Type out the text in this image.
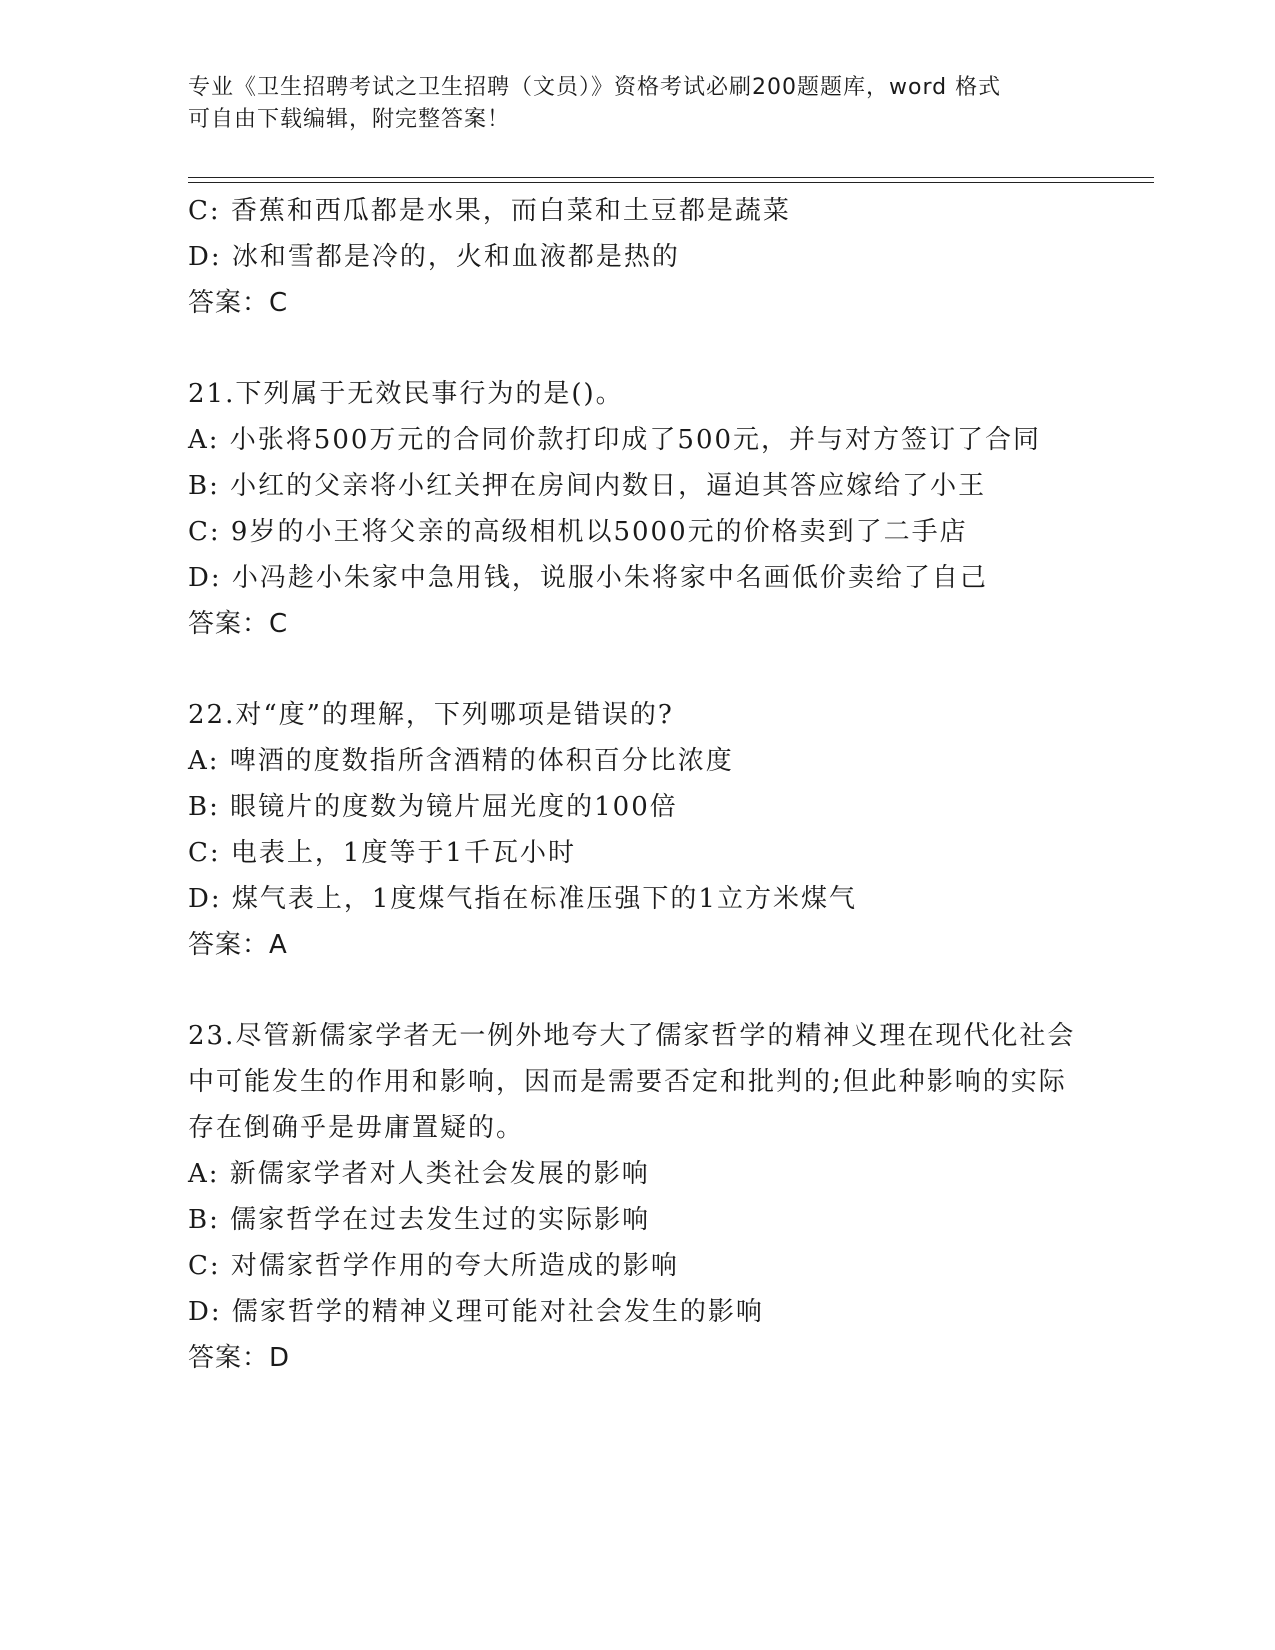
专业《卫生招聘考试之卫生招聘（文员）》资格考试必刷200题题库，word 格式
可自由下载编辑，附完整答案！
C: 香蕉和西瓜都是水果，而白菜和土豆都是蔬菜
D: 冰和雪都是冷的，火和血液都是热的
答案：C
21.下列属于无效民事行为的是()。
A: 小张将500万元的合同价款打印成了500元，并与对方签订了合同
B: 小红的父亲将小红关押在房间内数日，逼迫其答应嫁给了小王
C: 9岁的小王将父亲的高级相机以5000元的价格卖到了二手店
D: 小冯趁小朱家中急用钱，说服小朱将家中名画低价卖给了自己
答案：C
22.对“度”的理解，下列哪项是错误的?
A: 啤酒的度数指所含酒精的体积百分比浓度
B: 眼镜片的度数为镜片屈光度的100倍
C: 电表上，1度等于1千瓦小时
D: 煤气表上，1度煤气指在标准压强下的1立方米煤气
答案：A
23.尽管新儒家学者无一例外地夸大了儒家哲学的精神义理在现代化社会中可能发生的作用和影响，因而是需要否定和批判的;但此种影响的实际存在倒确乎是毋庸置疑的。
A: 新儒家学者对人类社会发展的影响
B: 儒家哲学在过去发生过的实际影响
C: 对儒家哲学作用的夸大所造成的影响
D: 儒家哲学的精神义理可能对社会发生的影响
答案：D
